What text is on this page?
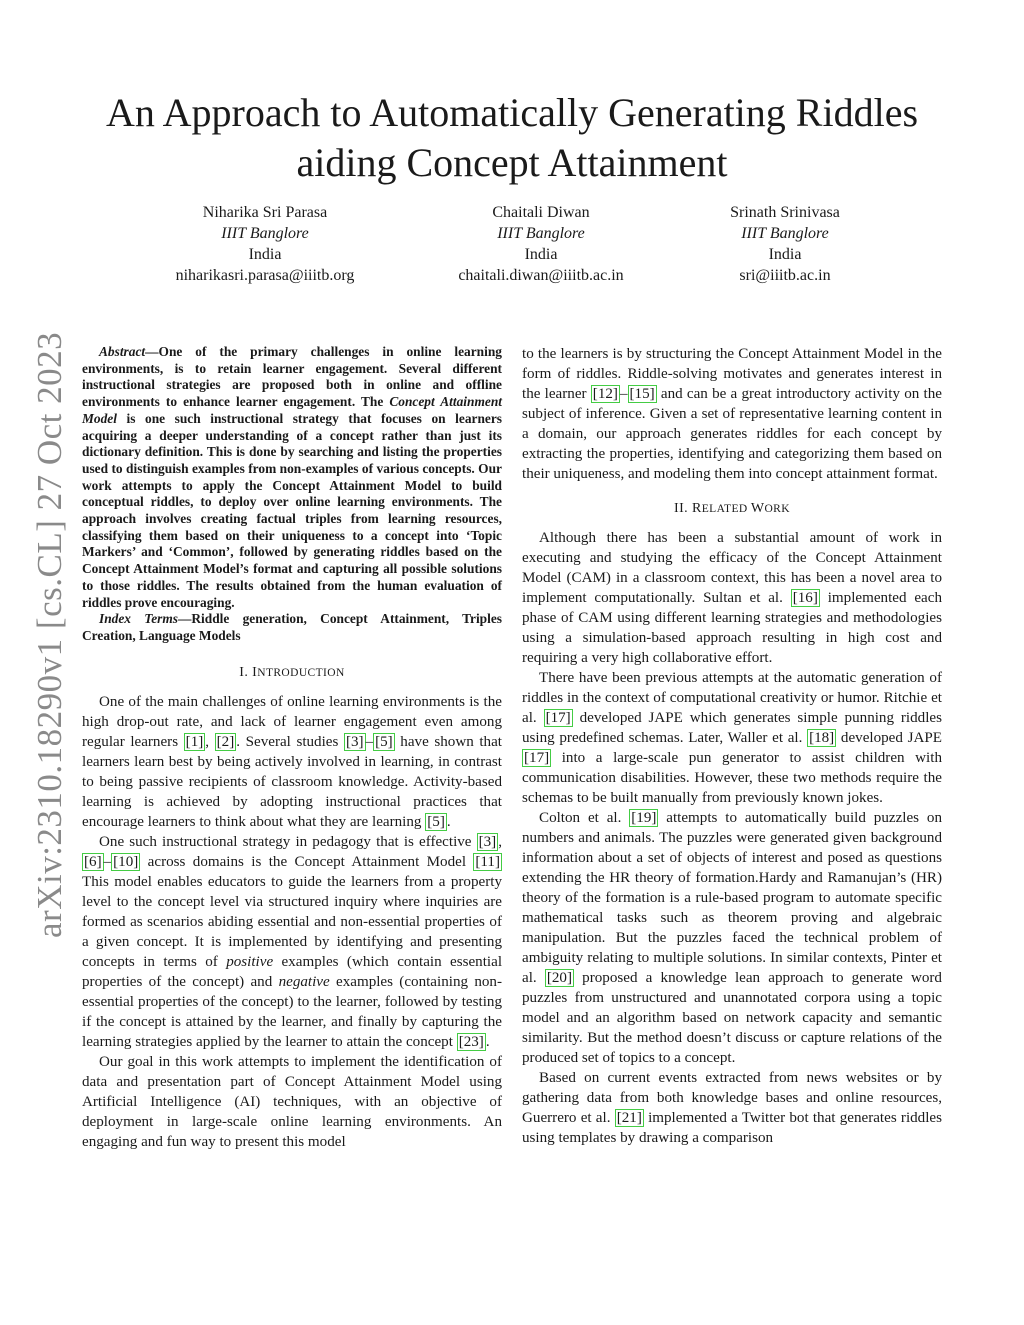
arXiv:2310.18290v1 [cs.CL] 27 Oct 2023
An Approach to Automatically Generating Riddles
aiding Concept Attainment
Niharika Sri Parasa
IIIT Banglore
India
niharikasri.parasa@iiitb.org
Chaitali Diwan
IIIT Banglore
India
chaitali.diwan@iiitb.ac.in
Srinath Srinivasa
IIIT Banglore
India
sri@iiitb.ac.in

Abstract—One of the primary challenges in online learning environments, is to retain learner engagement. Several different instructional strategies are proposed both in online and offline environments to enhance learner engagement. The Concept Attainment Model is one such instructional strategy that focuses on learners acquiring a deeper understanding of a concept rather than just its dictionary definition. This is done by searching and listing the properties used to distinguish examples from non-examples of various concepts. Our work attempts to apply the Concept Attainment Model to build conceptual riddles, to deploy over online learning environments. The approach involves creating factual triples from learning resources, classifying them based on their uniqueness to a concept into ‘Topic Markers’ and ‘Common’, followed by generating riddles based on the Concept Attainment Model’s format and capturing all possible solutions to those riddles. The results obtained from the human evaluation of riddles prove encouraging.

Index Terms—Riddle generation, Concept Attainment, Triples Creation, Language Models

I. INTRODUCTION

One of the main challenges of online learning environments is the high drop-out rate, and lack of learner engagement even among regular learners [1] , [2] . Several studies [3] – [5] have shown that learners learn best by being actively involved in learning, in contrast to being passive recipients of classroom knowledge. Activity-based learning is achieved by adopting instructional practices that encourage learners to think about what they are learning [5] .

One such instructional strategy in pedagogy that is effective [3] , [6] – [10] across domains is the Concept Attainment Model [11] This model enables educators to guide the learners from a property level to the concept level via structured inquiry where inquiries are formed as scenarios abiding essential and non-essential properties of a given concept. It is implemented by identifying and presenting concepts in terms of positive examples (which contain essential properties of the concept) and negative examples (containing non-essential properties of the concept) to the learner, followed by testing if the concept is attained by the learner, and finally by capturing the learning strategies applied by the learner to attain the concept [23] .

Our goal in this work attempts to implement the identification of data and presentation part of Concept Attainment Model using Artificial Intelligence (AI) techniques, with an objective of deployment in large-scale online learning environments. An engaging and fun way to present this model

to the learners is by structuring the Concept Attainment Model in the form of riddles. Riddle-solving motivates and generates interest in the learner [12] – [15] and can be a great introductory activity on the subject of inference. Given a set of representative learning content in a domain, our approach generates riddles for each concept by extracting the properties, identifying and categorizing them based on their uniqueness, and modeling them into concept attainment format.

II. RELATED WORK

Although there has been a substantial amount of work in executing and studying the efficacy of the Concept Attainment Model (CAM) in a classroom context, this has been a novel area to implement computationally. Sultan et al. [16] implemented each phase of CAM using different learning strategies and methodologies using a simulation-based approach resulting in high cost and requiring a very high collaborative effort.

There have been previous attempts at the automatic generation of riddles in the context of computational creativity or humor. Ritchie et al. [17] developed JAPE which generates simple punning riddles using predefined schemas. Later, Waller et al. [18] developed JAPE [17] into a large-scale pun generator to assist children with communication disabilities. However, these two methods require the schemas to be built manually from previously known jokes.

Colton et al. [19] attempts to automatically build puzzles on numbers and animals. The puzzles were generated given background information about a set of objects of interest and posed as questions extending the HR theory of formation.Hardy and Ramanujan’s (HR) theory of the formation is a rule-based program to automate specific mathematical tasks such as theorem proving and algebraic manipulation. But the puzzles faced the technical problem of ambiguity relating to multiple solutions. In similar contexts, Pinter et al. [20] proposed a knowledge lean approach to generate word puzzles from unstructured and unannotated corpora using a topic model and an algorithm based on network capacity and semantic similarity. But the method doesn’t discuss or capture relations of the produced set of topics to a concept.

Based on current events extracted from news websites or by gathering data from both knowledge bases and online resources, Guerrero et al. [21] implemented a Twitter bot that generates riddles using templates by drawing a comparison
